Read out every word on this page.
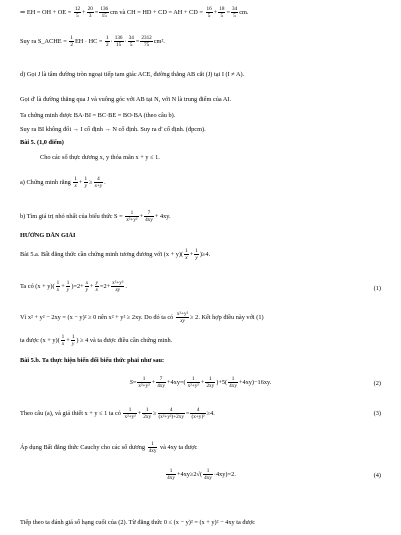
⇒ EH = OH + OE = $\frac{12}{5} + \frac{20}{3} = \frac{136}{15}$ cm và CH = HD + CD = AH + CD = $\frac{16}{5} + \frac{18}{5} = \frac{34}{5}$ cm.
Suy ra S_ACHE = $\frac{1}{2}$ EH · HC = $\frac{1}{2} \cdot \frac{136}{15} \cdot \frac{34}{5} = \frac{2312}{75} cm^2$.
d) Gọi J là tâm đường tròn ngoại tiếp tam giác ACE, đường thẳng AB cắt (J) tại I (I ≠ A).
Gọi d' là đường thẳng qua J và vuông góc với AB tại N, với N là trung điểm của AI.
Ta chứng minh được BA·BI = BC·BE = BO·BA (theo câu b).
Suy ra BI không đổi → I cố định → N cố định. Suy ra d' cố định. (đpcm).
Bài 5. (1,0 điểm)
Cho các số thực dương x, y thỏa mãn x + y ≤ 1.
a) Chứng minh rằng $\frac{1}{x} + \frac{1}{y} \ge \frac{4}{x+y}$ .
b) Tìm giá trị nhỏ nhất của biểu thức $S = \frac{1}{\text{x²+y²}} + \frac{7}{4xy} + 4xy$.
HƯỚNG DẪN GIẢI
Bài 5.a. Bất đẳng thức cần chứng minh tương đương với $(x + y)( \frac{1}{x} + \frac{1}{y} )\ge 4$.
Ta có $(x + y)( \frac{1}{x} + \frac{1}{y} )=2+ \frac{x}{y} + \frac{y}{x} =2+ \frac{\text{x²+y²}}{xy}$ .	(1)
Vì x² + y² − 2xy = (x − y)² ≥ 0 nên x² + y² ≥ 2xy. Do đó ta có $\frac{\text{x²+y²}}{xy} \ge 2$. Kết hợp điều này với (1)
ta được $(x + y)( \frac{1}{x} + \frac{1}{y}$ ) ≥ 4 và ta được điều cần chứng minh.
Bài 5.b. Ta thực hiện biến đổi biểu thức phải như sau:
$S= \frac{1}{\text{x²+y²}} + \frac{7}{4xy} +4xy=( \frac{1}{\text{x²+y²}} + \frac{1}{2xy} )+5( \frac{1}{4xy} +4xy)-16xy$.	(2)
Theo câu (a), và giả thiết x + y ≤ 1 ta có $\frac{1}{\text{x²+y²}} + \frac{1}{2xy} \ge \frac{4}{\text{(x²+y²)+2xy}} = \frac{4}{\text{(x+y)²}} \ge 4$.	(3)
Áp dụng Bất đẳng thức Cauchy cho các số dương $\frac{1}{4xy}$ và 4xy ta được
$\frac{1}{4xy} +4xy\ge 2√( \frac{1}{4xy} \cdot 4xy)=2$.	(4)
Tiếp theo ta đánh giá số hạng cuối của (2). Từ đẳng thức 0 ≤ (x − y)² = (x + y)² − 4xy ta được
